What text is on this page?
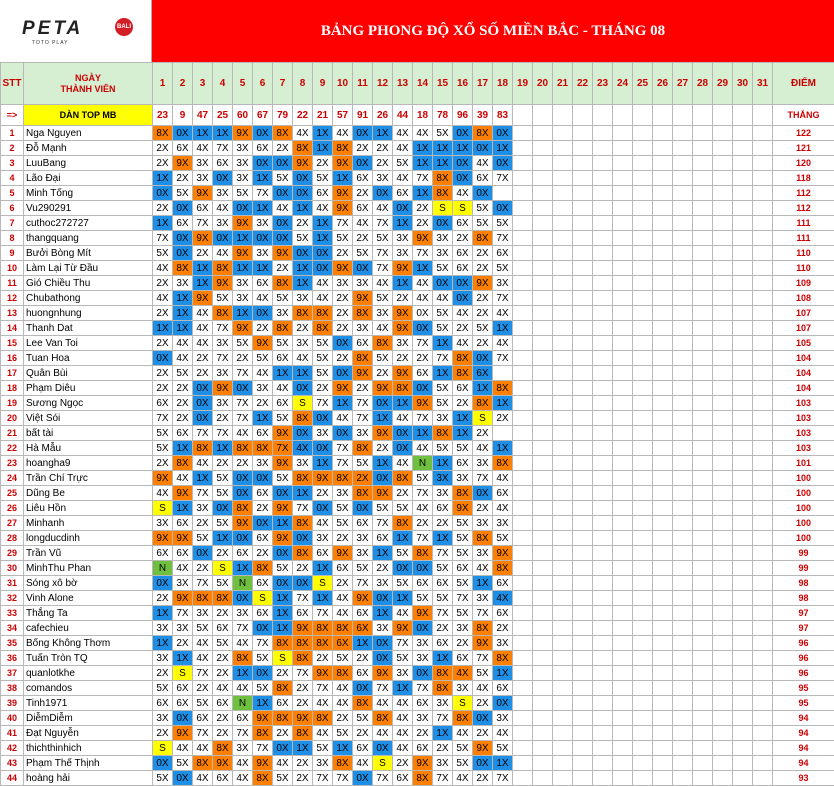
PETA	BALI
TOTO PLAY
BẢNG PHONG ĐỘ XỔ SỐ MIỀN BẮC - THÁNG 08
STT	NGÀY
THÀNH VIÊN	1	2	3	4	5	6	7	8	9	10	11	12	13	14	15	16	17	18	19	20	21	22	23	24	25	26	27	28	29	30	31	ĐIỂM
=>	DÀN TOP MB	23	9	47	25	60	67	79	22	21	57	91	26	44	18	78	96	39	83														THẮNG
1	Nga Nguyen	8X	0X	1X	1X	9X	0X	8X	4X	1X	4X	0X	1X	4X	4X	5X	0X	8X	0X														122
2	Đỗ Mạnh	2X	6X	4X	7X	3X	6X	2X	8X	1X	8X	2X	2X	4X	1X	1X	1X	0X	1X														121
3	LuuBang	2X	9X	3X	6X	3X	0X	0X	9X	2X	9X	0X	2X	5X	1X	1X	0X	4X	0X														120
4	Lão Đại	1X	2X	3X	0X	3X	1X	5X	0X	5X	1X	6X	3X	4X	7X	8X	0X	6X	7X														118
5	Minh Tống	0X	5X	9X	3X	5X	7X	0X	0X	6X	9X	2X	0X	6X	1X	8X	4X	0X															112
6	Vu290291	2X	0X	6X	4X	0X	1X	4X	1X	4X	9X	6X	4X	0X	2X	S	S	5X	0X														112
7	cuthoc272727	1X	6X	7X	3X	9X	3X	0X	2X	1X	7X	4X	7X	1X	2X	0X	6X	5X	5X														111
8	thangquang	7X	0X	9X	0X	1X	0X	0X	5X	1X	5X	2X	5X	3X	9X	3X	2X	8X	7X														111
9	Bưởi Bòng Mít	5X	0X	2X	4X	9X	3X	9X	0X	0X	2X	5X	7X	3X	7X	3X	6X	2X	6X														110
10	Làm Lại Từ Đầu	4X	8X	1X	8X	1X	1X	2X	1X	0X	9X	0X	7X	9X	1X	5X	6X	2X	5X														110
11	Gió Chiều Thu	2X	3X	1X	9X	3X	6X	8X	1X	4X	3X	3X	4X	1X	4X	0X	0X	9X	3X														109
12	Chubathong	4X	1X	9X	5X	3X	4X	5X	3X	4X	2X	9X	5X	2X	4X	4X	0X	2X	7X														108
13	huongnhung	2X	1X	4X	8X	1X	0X	3X	8X	8X	2X	8X	3X	9X	0X	5X	4X	2X	4X														107
14	Thanh Dat	1X	1X	4X	7X	9X	2X	8X	2X	8X	2X	3X	4X	9X	0X	5X	2X	5X	1X														107
15	Lee Van Toi	2X	4X	4X	3X	5X	9X	5X	3X	5X	0X	6X	8X	3X	7X	1X	4X	2X	4X														105
16	Tuan Hoa	0X	4X	2X	7X	2X	5X	6X	4X	5X	2X	8X	5X	2X	2X	7X	8X	0X	7X														104
17	Quân Bùi	2X	5X	2X	3X	7X	4X	1X	1X	5X	0X	9X	2X	9X	6X	1X	8X	6X															104
18	Phạm Diêu	2X	2X	0X	9X	0X	3X	4X	0X	2X	9X	2X	9X	8X	0X	5X	6X	1X	8X														104
19	Sương Ngọc	6X	2X	0X	3X	7X	2X	6X	S	7X	1X	7X	0X	1X	9X	5X	2X	8X	1X														103
20	Việt Sói	7X	2X	0X	2X	7X	1X	5X	8X	0X	4X	7X	1X	4X	7X	3X	1X	S	2X														103
21	bất tài	5X	6X	7X	7X	4X	6X	9X	0X	3X	0X	3X	9X	0X	1X	8X	1X	2X															103
22	Hà Mẫu	5X	1X	8X	1X	8X	8X	7X	4X	0X	7X	8X	2X	0X	4X	5X	5X	4X	1X														103
23	hoangha9	2X	8X	4X	2X	2X	3X	9X	3X	1X	7X	5X	1X	4X	N	1X	6X	3X	8X														101
24	Trần Chí Trực	9X	4X	1X	5X	0X	0X	5X	8X	9X	8X	2X	0X	8X	5X	3X	3X	7X	4X														100
25	Dũng Be	4X	9X	7X	5X	0X	6X	0X	1X	2X	3X	8X	9X	2X	7X	3X	8X	0X	6X														100
26	Liêu Hồn	S	1X	3X	0X	8X	2X	9X	7X	0X	5X	0X	5X	5X	4X	6X	9X	2X	4X														100
27	Minhanh	3X	6X	2X	5X	9X	0X	1X	8X	4X	5X	6X	7X	8X	2X	2X	5X	3X	3X														100
28	longducdinh	9X	9X	5X	1X	0X	6X	9X	0X	3X	2X	3X	6X	1X	7X	1X	5X	8X	5X														100
29	Trần Vũ	6X	6X	0X	2X	6X	2X	0X	8X	6X	9X	3X	1X	5X	8X	7X	5X	3X	9X														99
30	MinhThu Phan	N	4X	2X	S	1X	8X	5X	2X	1X	6X	5X	2X	0X	0X	5X	6X	4X	8X														99
31	Sóng xô bờ	0X	3X	7X	5X	N	6X	0X	0X	S	2X	7X	3X	5X	6X	6X	5X	1X	6X														98
32	Vinh Alone	2X	9X	8X	8X	0X	S	1X	7X	1X	4X	9X	0X	1X	5X	5X	7X	3X	4X														98
33	Thắng Ta	1X	7X	3X	2X	3X	6X	1X	6X	7X	4X	6X	1X	4X	9X	7X	5X	7X	6X														97
34	cafechieu	3X	3X	5X	6X	7X	0X	1X	9X	8X	8X	6X	3X	9X	0X	2X	3X	8X	2X														97
35	Bống Không Thơm	1X	2X	4X	5X	4X	7X	8X	8X	8X	6X	1X	0X	7X	3X	6X	2X	9X	3X														96
36	Tuấn Tròn TQ	3X	1X	4X	2X	8X	5X	S	8X	2X	5X	2X	0X	5X	3X	1X	6X	7X	8X														96
37	quanlotkhe	2X	S	7X	2X	1X	0X	2X	7X	9X	8X	6X	9X	3X	0X	8X	4X	5X	1X														96
38	comandos	5X	6X	2X	4X	4X	5X	8X	2X	7X	4X	0X	7X	1X	7X	8X	3X	4X	6X														95
39	Tinh1971	6X	6X	5X	6X	N	1X	6X	2X	4X	4X	8X	4X	4X	6X	3X	S	2X	0X														95
40	DiễmDiễm	3X	0X	6X	2X	6X	9X	8X	9X	8X	2X	5X	8X	4X	3X	7X	8X	0X	3X														94
41	Đạt Nguyễn	2X	9X	7X	2X	7X	8X	2X	8X	4X	5X	2X	4X	4X	2X	1X	4X	2X	4X														94
42	thichthinhich	S	4X	4X	8X	3X	7X	0X	1X	5X	1X	6X	0X	4X	6X	2X	5X	9X	5X														94
43	Phạm Thế Thịnh	0X	5X	8X	9X	4X	9X	4X	2X	3X	8X	4X	S	2X	9X	3X	5X	0X	1X														94
44	hoàng hải	5X	0X	4X	6X	4X	8X	5X	2X	7X	7X	0X	7X	6X	8X	7X	4X	2X	7X														93
